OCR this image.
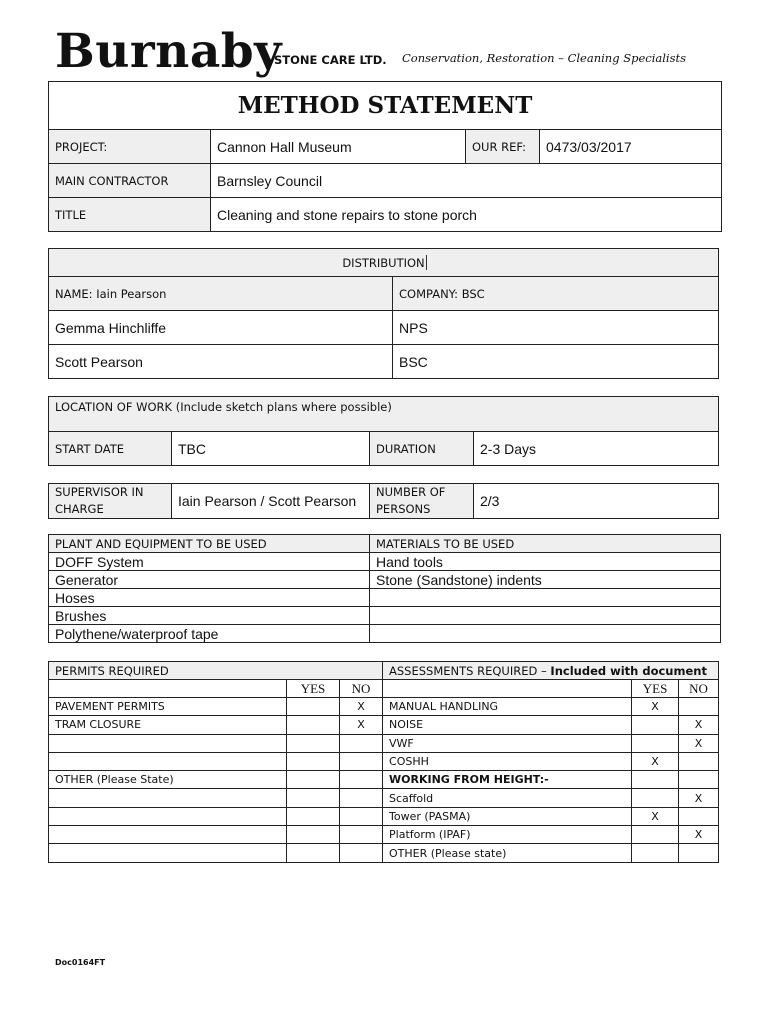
Burnaby
STONE CARE LTD. Conservation, Restoration – Cleaning Specialists
METHOD STATEMENT			
PROJECT:	Cannon Hall Museum	OUR REF:	0473/03/2017
MAIN CONTRACTOR	Barnsley Council		
TITLE	Cleaning and stone repairs to stone porch		
DISTRIBUTION	
NAME: Iain Pearson	COMPANY: BSC
Gemma Hinchliffe	NPS
Scott Pearson	BSC
LOCATION OF WORK (Include sketch plans where possible)
START DATE	TBC	DURATION	2-3 Days
SUPERVISOR IN CHARGE	Iain Pearson / Scott Pearson	NUMBER OF PERSONS	2/3
PLANT AND EQUIPMENT TO BE USED	MATERIALS TO BE USED
DOFF System	Hand tools
Generator	Stone (Sandstone) indents
Hoses	
Brushes	
Polythene/waterproof tape	
PERMITS REQUIRED			ASSESSMENTS REQUIRED – Included with document		
	YES	NO		YES	NO
PAVEMENT PERMITS		X	MANUAL HANDLING	X	
TRAM CLOSURE		X	NOISE		X
			VWF		X
			COSHH	X	
OTHER (Please State)			WORKING FROM HEIGHT:-		
			Scaffold		X
			Tower (PASMA)	X	
			Platform (IPAF)		X
			OTHER (Please state)		
Doc0164FT
